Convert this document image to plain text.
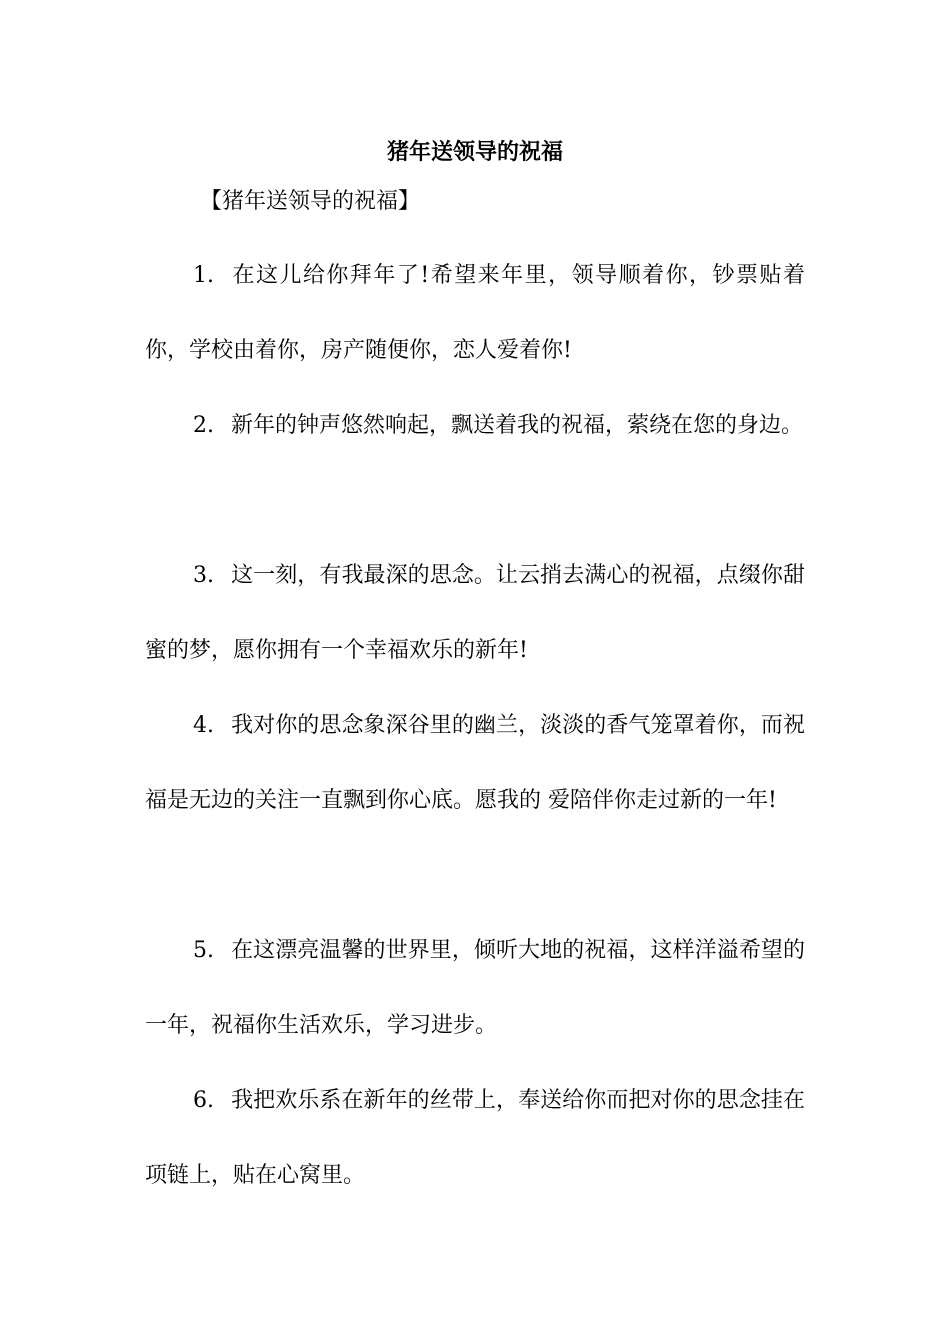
猪年送领导的祝福

【猪年送领导的祝福】

1. 在这儿给你拜年了!希望来年里，领导顺着你，钞票贴着你，学校由着你，房产随便你，恋人爱着你!

2. 新年的钟声悠然响起，飘送着我的祝福，萦绕在您的身边。

3. 这一刻，有我最深的思念。让云捎去满心的祝福，点缀你甜蜜的梦，愿你拥有一个幸福欢乐的新年!

4. 我对你的思念象深谷里的幽兰，淡淡的香气笼罩着你，而祝福是无边的关注一直飘到你心底。愿我的 爱陪伴你走过新的一年!

5. 在这漂亮温馨的世界里，倾听大地的祝福，这样洋溢希望的一年，祝福你生活欢乐，学习进步。

6. 我把欢乐系在新年的丝带上，奉送给你而把对你的思念挂在项链上，贴在心窝里。
